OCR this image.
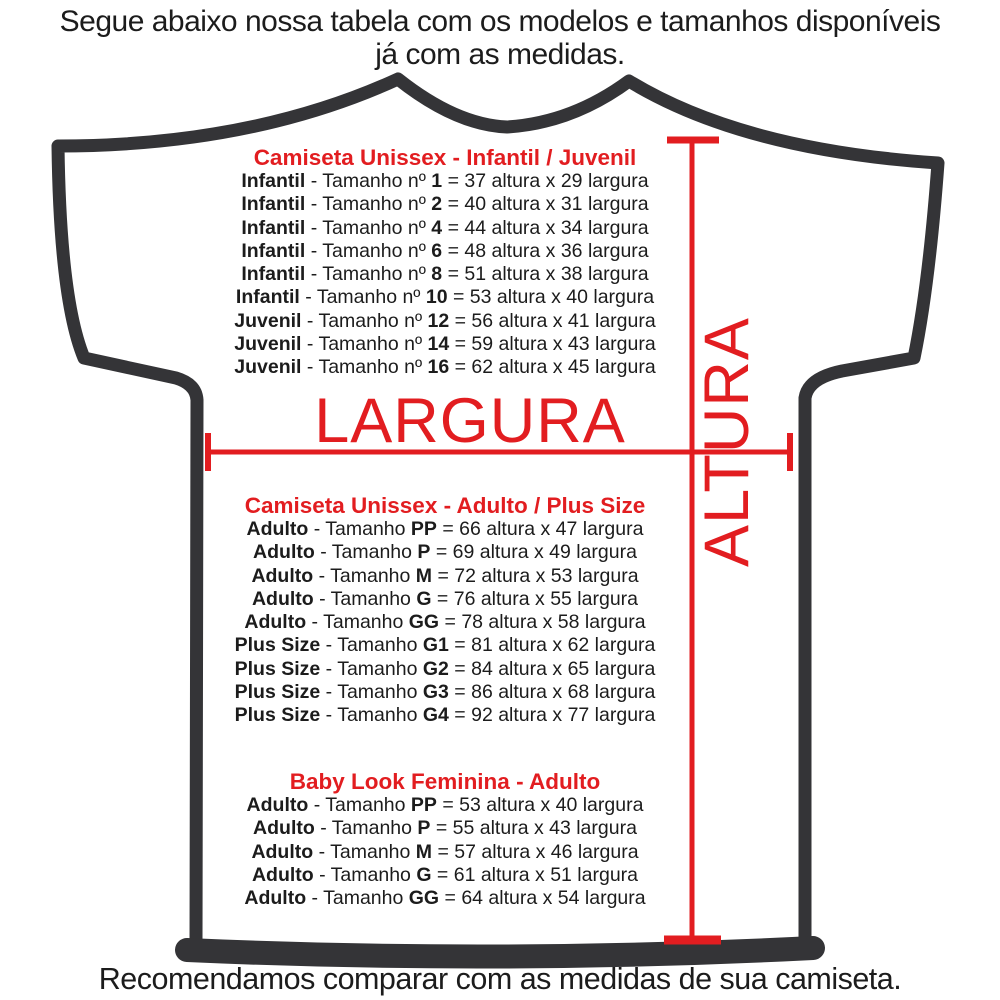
Segue abaixo nossa tabela com os modelos e tamanhos disponíveis
já com as medidas.
Camiseta Unissex - Infantil / Juvenil
Infantil - Tamanho nº 1 = 37 altura x 29 largura
Infantil - Tamanho nº 2 = 40 altura x 31 largura
Infantil - Tamanho nº 4 = 44 altura x 34 largura
Infantil - Tamanho nº 6 = 48 altura x 36 largura
Infantil - Tamanho nº 8 = 51 altura x 38 largura
Infantil - Tamanho nº 10 = 53 altura x 40 largura
Juvenil - Tamanho nº 12 = 56 altura x 41 largura
Juvenil - Tamanho nº 14 = 59 altura x 43 largura
Juvenil - Tamanho nº 16 = 62 altura x 45 largura
LARGURA	ALTURA
Camiseta Unissex - Adulto / Plus Size
Adulto - Tamanho PP = 66 altura x 47 largura
Adulto - Tamanho P = 69 altura x 49 largura
Adulto - Tamanho M = 72 altura x 53 largura
Adulto - Tamanho G = 76 altura x 55 largura
Adulto - Tamanho GG = 78 altura x 58 largura
Plus Size - Tamanho G1 = 81 altura x 62 largura
Plus Size - Tamanho G2 = 84 altura x 65 largura
Plus Size - Tamanho G3 = 86 altura x 68 largura
Plus Size - Tamanho G4 = 92 altura x 77 largura
Baby Look Feminina - Adulto
Adulto - Tamanho PP = 53 altura x 40 largura
Adulto - Tamanho P = 55 altura x 43 largura
Adulto - Tamanho M = 57 altura x 46 largura
Adulto - Tamanho G = 61 altura x 51 largura
Adulto - Tamanho GG = 64 altura x 54 largura
Recomendamos comparar com as medidas de sua camiseta.
